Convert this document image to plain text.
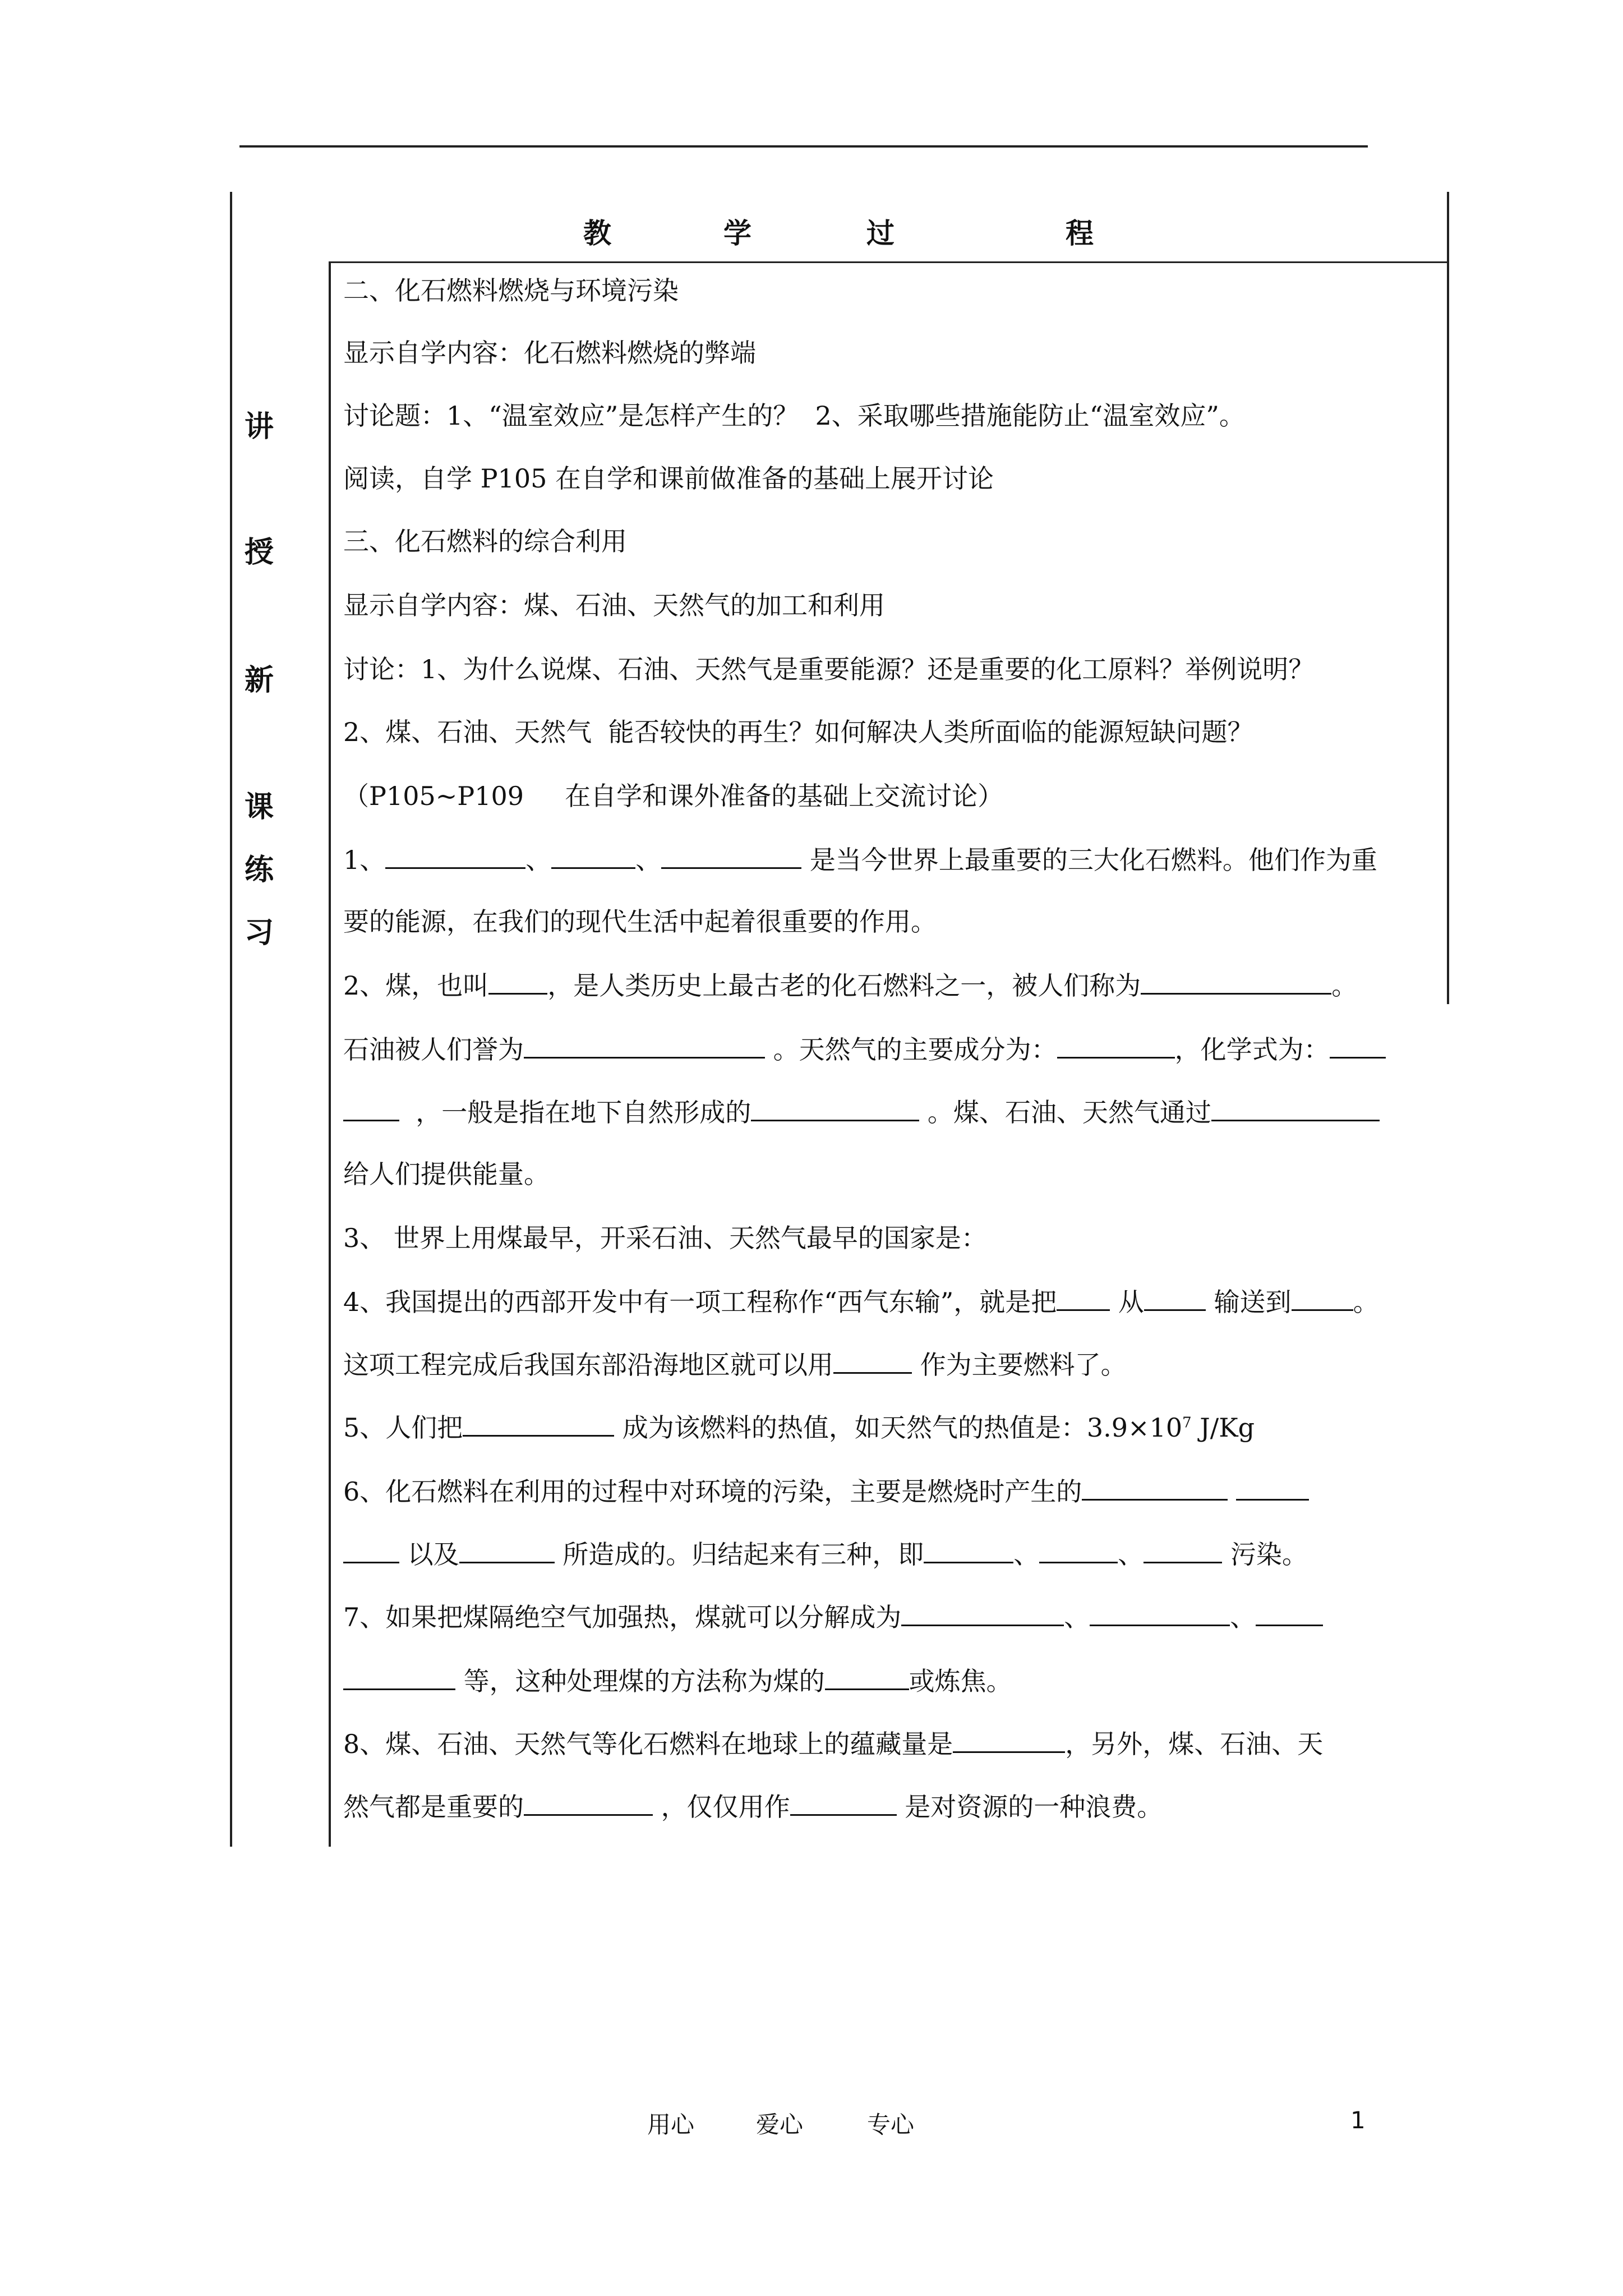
教	学	过	程
讲
授
新
课
练
习
二、化石燃料燃烧与环境污染
显示自学内容：化石燃料燃烧的弊端
讨论题：1、“温室效应”是怎样产生的？  2、采取哪些措施能防止“温室效应”。
阅读，自学 P105 在自学和课前做准备的基础上展开讨论
三、化石燃料的综合利用
显示自学内容：煤、石油、天然气的加工和利用
讨论：1、为什么说煤、石油、天然气是重要能源？还是重要的化工原料？举例说明？
2、煤、石油、天然气  能否较快的再生？如何解决人类所面临的能源短缺问题？
（P105~P109     在自学和课外准备的基础上交流讨论）
1、	、	、	是当今世界上最重要的三大化石燃料。他们作为重
要的能源，在我们的现代生活中起着很重要的作用。
2、煤，也叫 ，是人类历史上最古老的化石燃料之一，被人们称为	。
石油被人们誉为	。天然气的主要成分为：	，化学式为：
，一般是指在地下自然形成的	。煤、石油、天然气通过
给人们提供能量。
3、 世界上用煤最早，开采石油、天然气最早的国家是：
4、我国提出的西部开发中有一项工程称作“西气东输”，就是把 从 输送到 。
这项工程完成后我国东部沿海地区就可以用	作为主要燃料了。
5、人们把	成为该燃料的热值，如天然气的热值是：$3.9\times 10^7$ J/Kg
6、化石燃料在利用的过程中对环境的污染，主要是燃烧时产生的
以及	所造成的。归结起来有三种，即	、	、	污染。
7、如果把煤隔绝空气加强热，煤就可以分解成为	、	、
等，这种处理煤的方法称为煤的	或炼焦。
8、煤、石油、天然气等化石燃料在地球上的蕴藏量是	，另外，煤、石油、天
然气都是重要的	，仅仅用作	是对资源的一种浪费。
用心	爱心	专心	1
